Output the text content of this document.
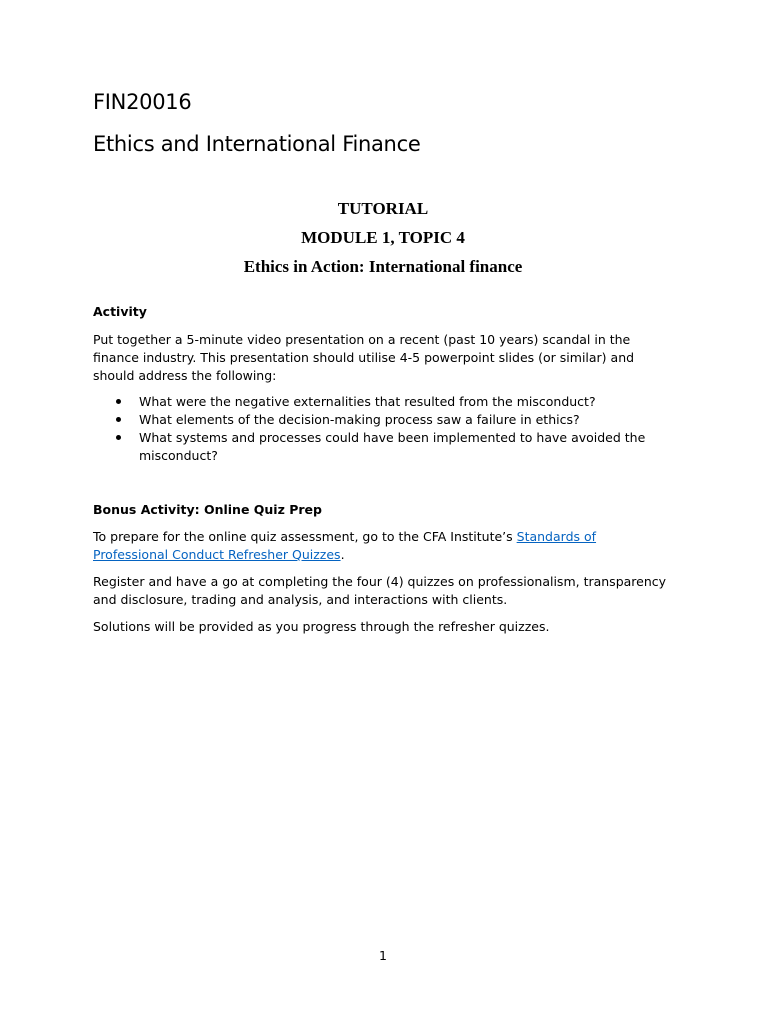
FIN20016
Ethics and International Finance
TUTORIAL
MODULE 1, TOPIC 4
Ethics in Action: International finance

Activity

Put together a 5-minute video presentation on a recent (past 10 years) scandal in the finance industry. This presentation should utilise 4-5 powerpoint slides (or similar) and should address the following:

What were the negative externalities that resulted from the misconduct?
What elements of the decision-making process saw a failure in ethics?
What systems and processes could have been implemented to have avoided the misconduct?

Bonus Activity: Online Quiz Prep

To prepare for the online quiz assessment, go to the CFA Institute’s Standards of Professional Conduct Refresher Quizzes.

Register and have a go at completing the four (4) quizzes on professionalism, transparency and disclosure, trading and analysis, and interactions with clients.

Solutions will be provided as you progress through the refresher quizzes.

1
